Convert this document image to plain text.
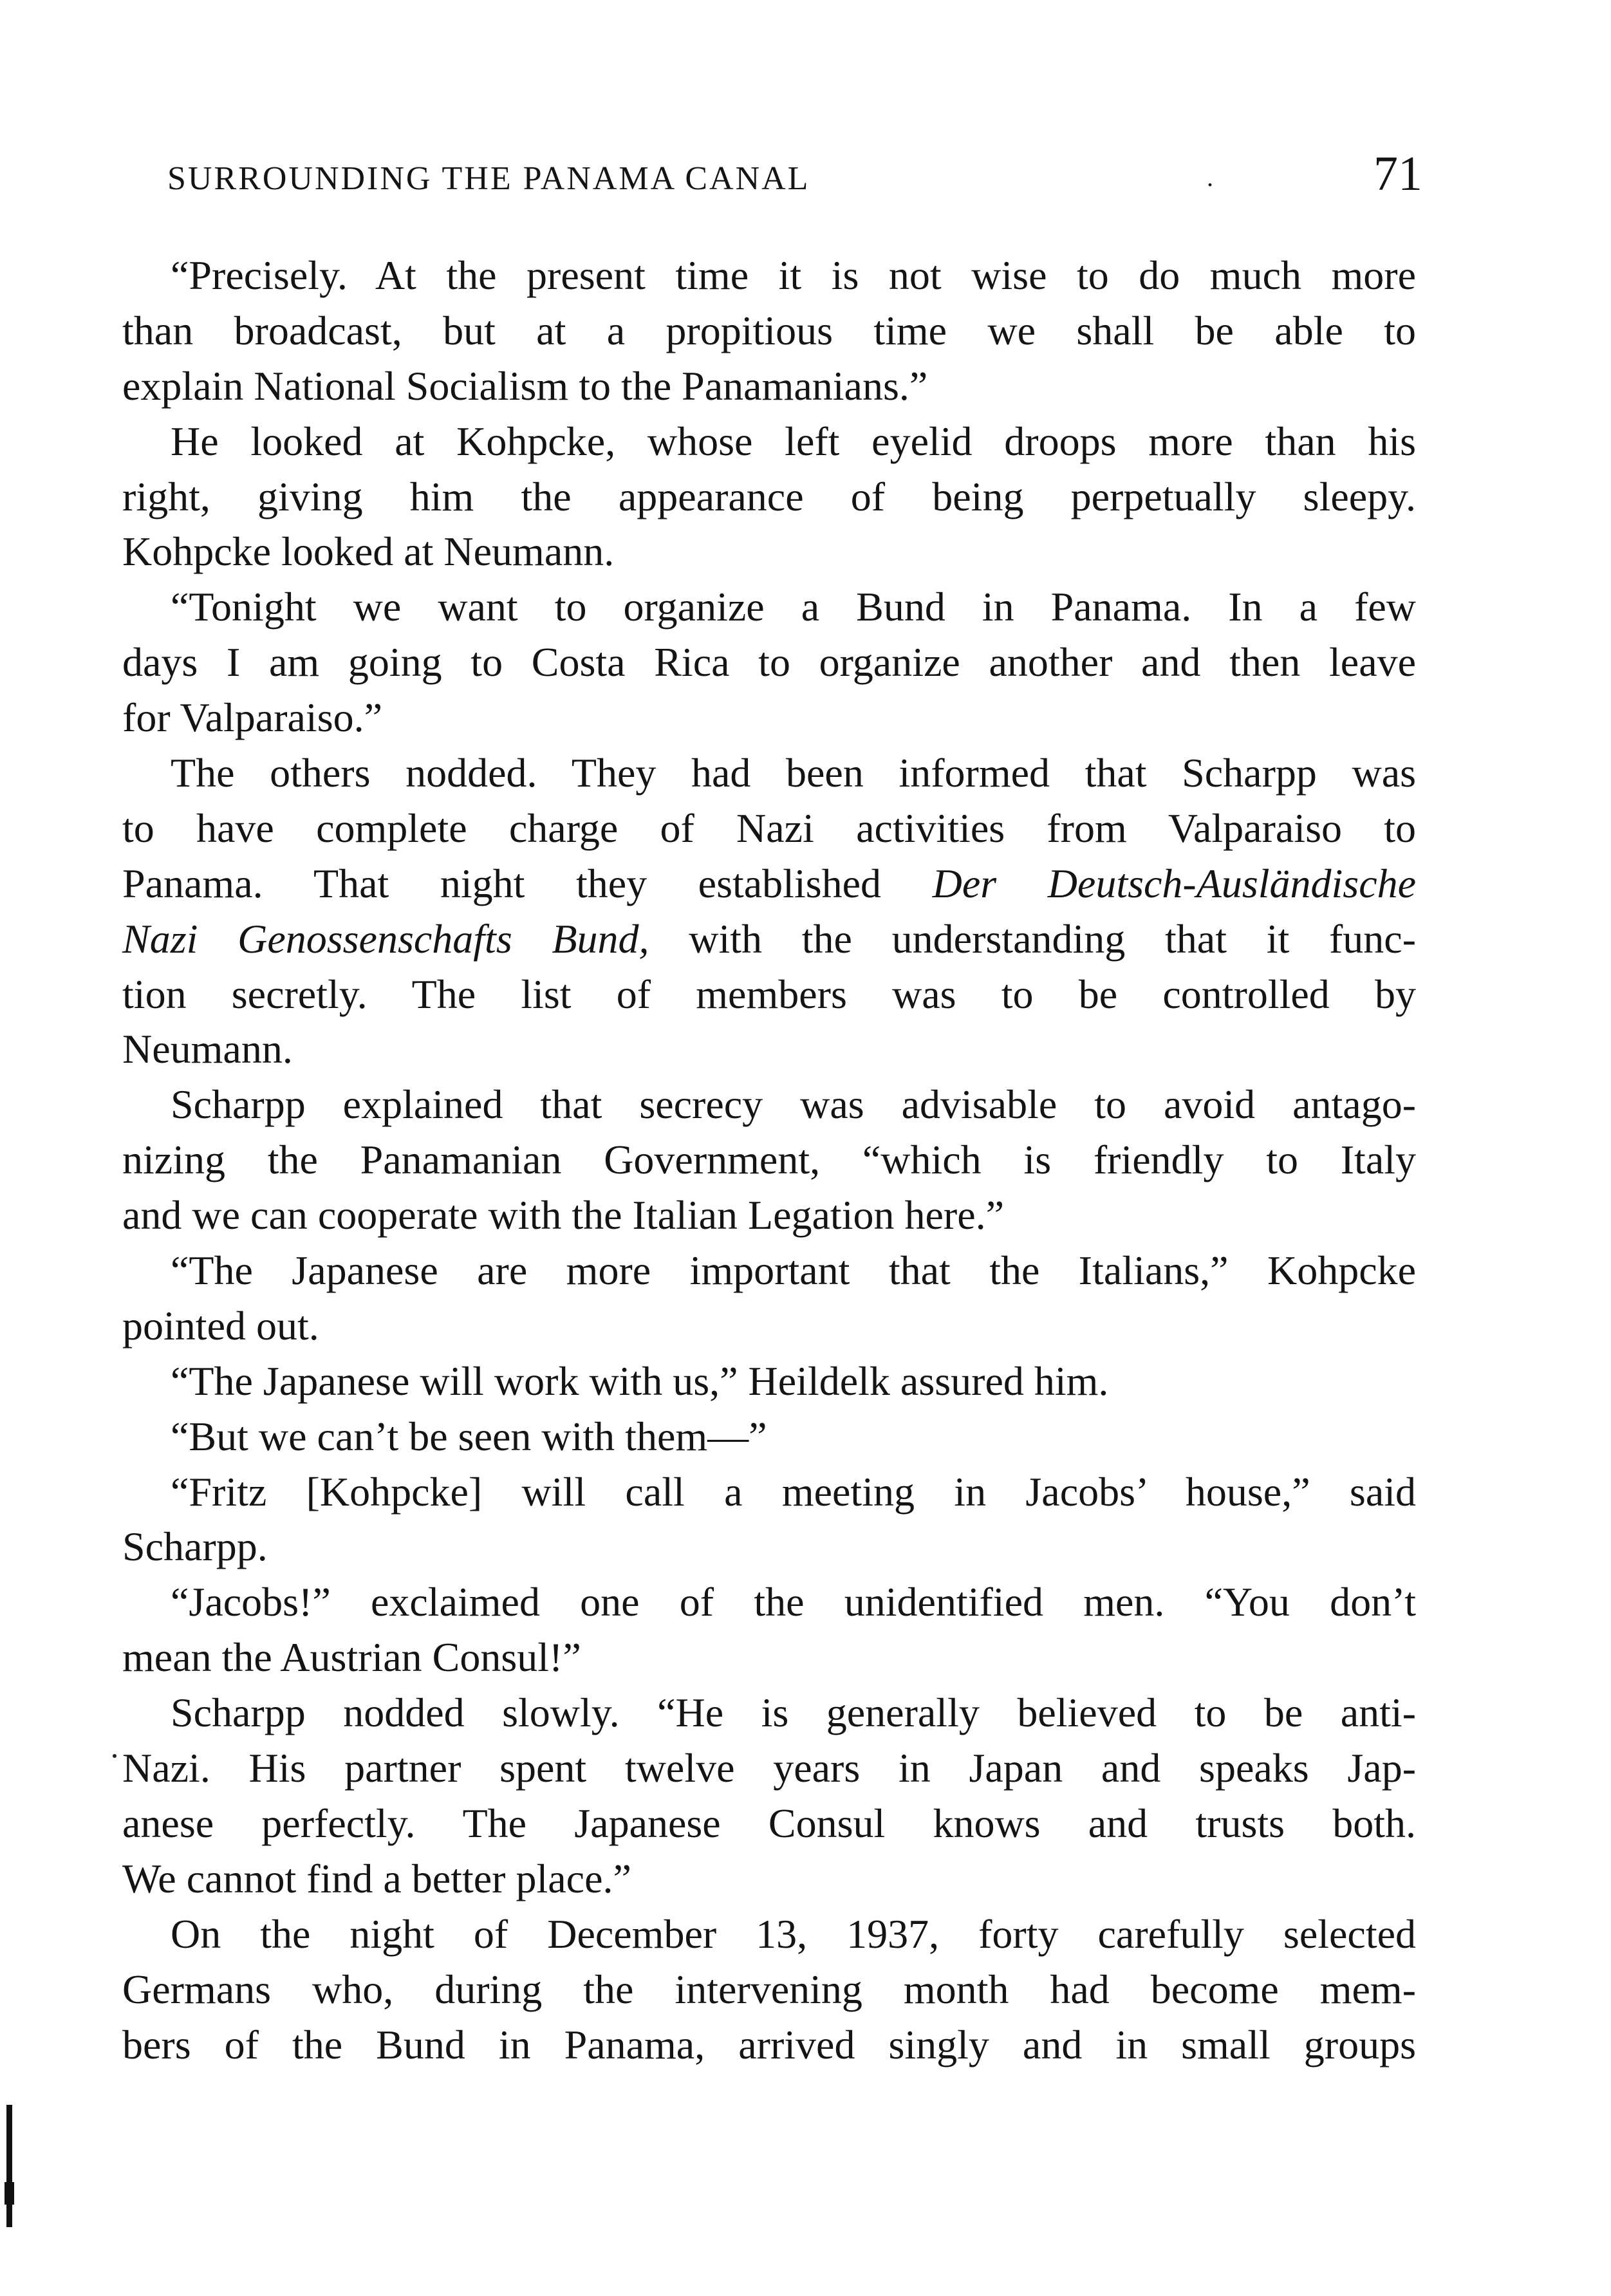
SURROUNDING THE PANAMA CANAL	.	71
“Precisely. At the present time it is not wise to do much more
than broadcast, but at a propitious time we shall be able to
explain National Socialism to the Panamanians.”
He looked at Kohpcke, whose left eyelid droops more than his
right, giving him the appearance of being perpetually sleepy.
Kohpcke looked at Neumann.
“Tonight we want to organize a Bund in Panama. In a few
days I am going to Costa Rica to organize another and then leave
for Valparaiso.”
The others nodded. They had been informed that Scharpp was
to have complete charge of Nazi activities from Valparaiso to
Panama. That night they established Der Deutsch-Ausländische
Nazi Genossenschafts Bund, with the understanding that it func-
tion secretly. The list of members was to be controlled by
Neumann.
Scharpp explained that secrecy was advisable to avoid antago-
nizing the Panamanian Government, “which is friendly to Italy
and we can cooperate with the Italian Legation here.”
“The Japanese are more important that the Italians,” Kohpcke
pointed out.
“The Japanese will work with us,” Heildelk assured him.
“But we can’t be seen with them—”
“Fritz [Kohpcke] will call a meeting in Jacobs’ house,” said
Scharpp.
“Jacobs!” exclaimed one of the unidentified men. “You don’t
mean the Austrian Consul!”
Scharpp nodded slowly. “He is generally believed to be anti-
Nazi. His partner spent twelve years in Japan and speaks Jap-
anese perfectly. The Japanese Consul knows and trusts both.
We cannot find a better place.”
On the night of December 13, 1937, forty carefully selected
Germans who, during the intervening month had become mem-
bers of the Bund in Panama, arrived singly and in small groups
